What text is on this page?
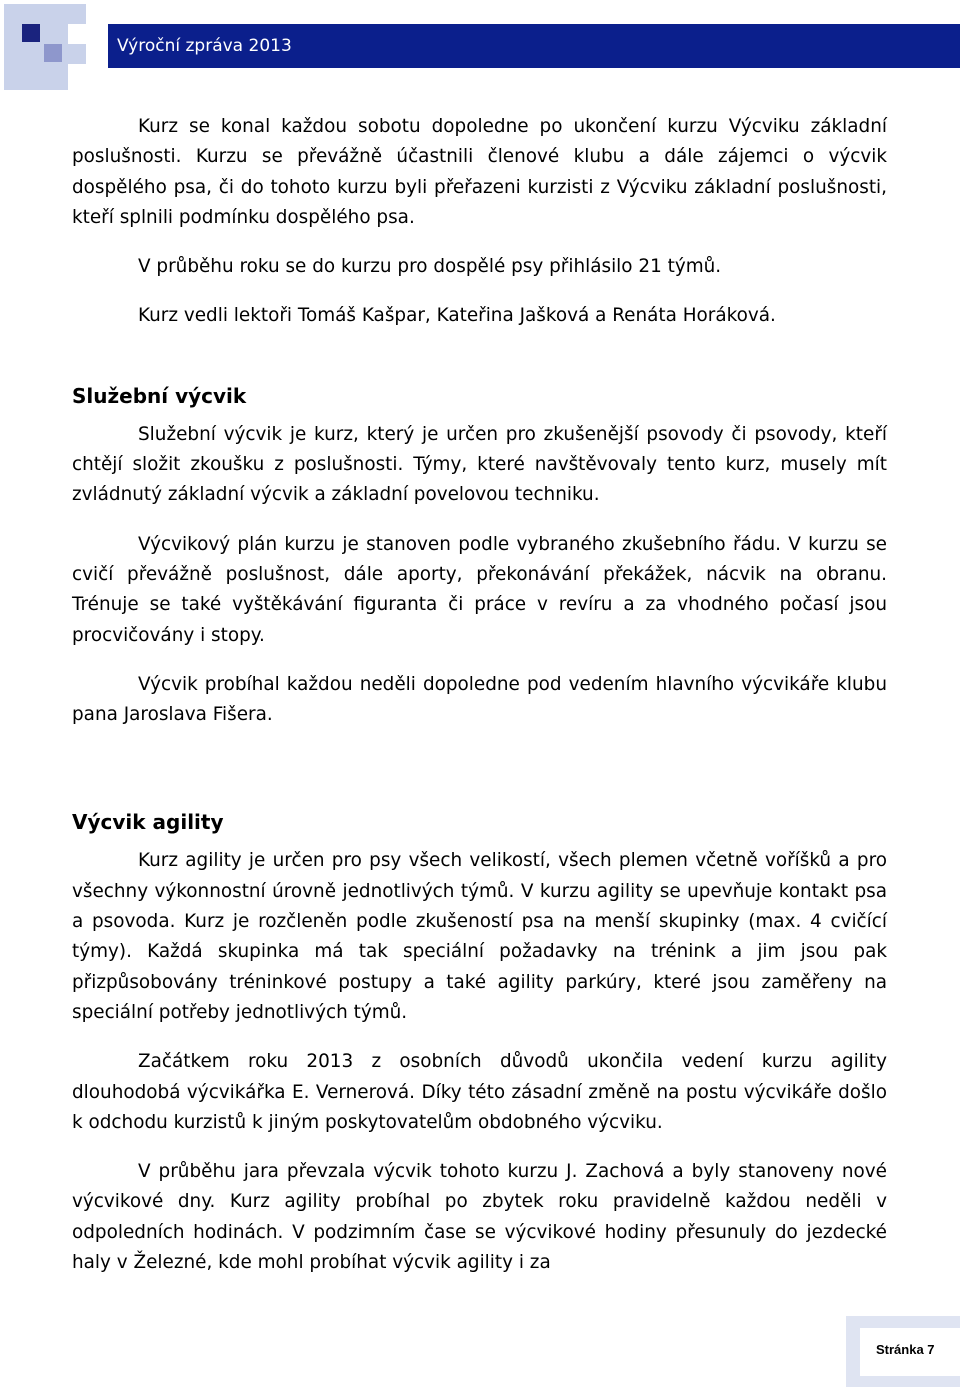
Výroční zpráva 2013

Kurz se konal každou sobotu dopoledne po ukončení kurzu Výcviku základní poslušnosti. Kurzu se převážně účastnili členové klubu a dále zájemci o výcvik dospělého psa, či do tohoto kurzu byli přeřazeni kurzisti z Výcviku základní poslušnosti, kteří splnili podmínku dospělého psa.

V průběhu roku se do kurzu pro dospělé psy přihlásilo 21 týmů.

Kurz vedli lektoři Tomáš Kašpar, Kateřina Jašková a Renáta Horáková.

Služební výcvik

Služební výcvik je kurz, který je určen pro zkušenější psovody či psovody, kteří chtějí složit zkoušku z poslušnosti. Týmy, které navštěvovaly tento kurz, musely mít zvládnutý základní výcvik a základní povelovou techniku.

Výcvikový plán kurzu je stanoven podle vybraného zkušebního řádu. V kurzu se cvičí převážně poslušnost, dále aporty, překonávání překážek, nácvik na obranu. Trénuje se také vyštěkávání figuranta či práce v revíru a za vhodného počasí jsou procvičovány i stopy.

Výcvik probíhal každou neděli dopoledne pod vedením hlavního výcvikáře klubu pana Jaroslava Fišera.

Výcvik agility

Kurz agility je určen pro psy všech velikostí, všech plemen včetně voříšků a pro všechny výkonnostní úrovně jednotlivých týmů. V kurzu agility se upevňuje kontakt psa a psovoda. Kurz je rozčleněn podle zkušeností psa na menší skupinky (max. 4 cvičící týmy). Každá skupinka má tak speciální požadavky na trénink a jim jsou pak přizpůsobovány tréninkové postupy a také agility parkúry, které jsou zaměřeny na speciální potřeby jednotlivých týmů.

Začátkem roku 2013 z osobních důvodů ukončila vedení kurzu agility dlouhodobá výcvikářka E. Vernerová. Díky této zásadní změně na postu výcvikáře došlo k odchodu kurzistů k jiným poskytovatelům obdobného výcviku.

V průběhu jara převzala výcvik tohoto kurzu J. Zachová a byly stanoveny nové výcvikové dny. Kurz agility probíhal po zbytek roku pravidelně každou neděli v odpoledních hodinách. V podzimním čase se výcvikové hodiny přesunuly do jezdecké haly v Železné, kde mohl probíhat výcvik agility i za

Stránka 7
